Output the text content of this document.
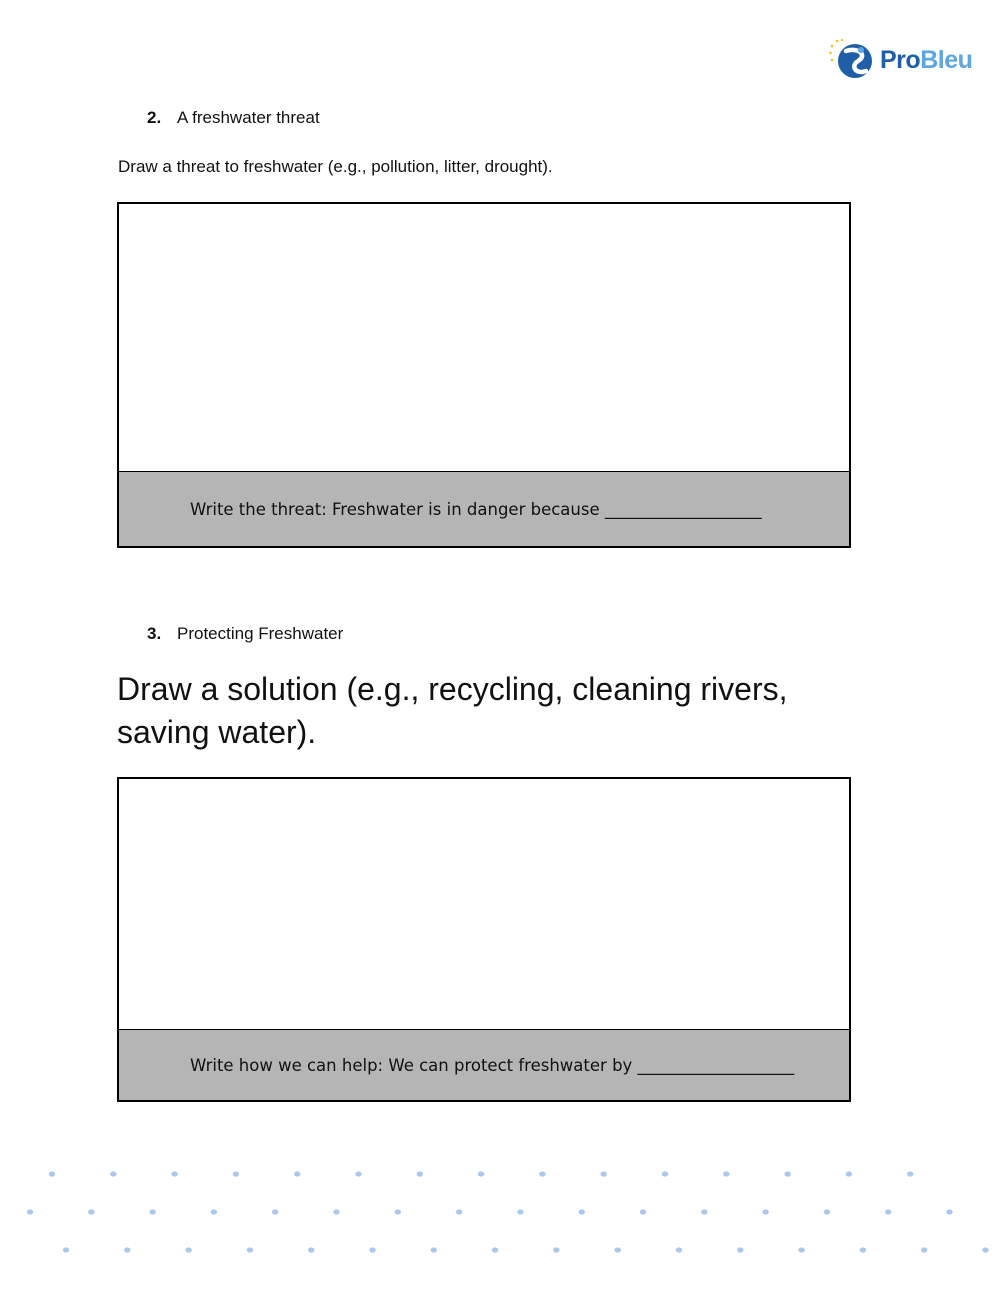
ProBleu
2. A freshwater threat
Draw a threat to freshwater (e.g., pollution, litter, drought).
Write the threat: Freshwater is in danger because ___________________
3. Protecting Freshwater
Draw a solution (e.g., recycling, cleaning rivers, saving water).
Write how we can help: We can protect freshwater by ___________________
